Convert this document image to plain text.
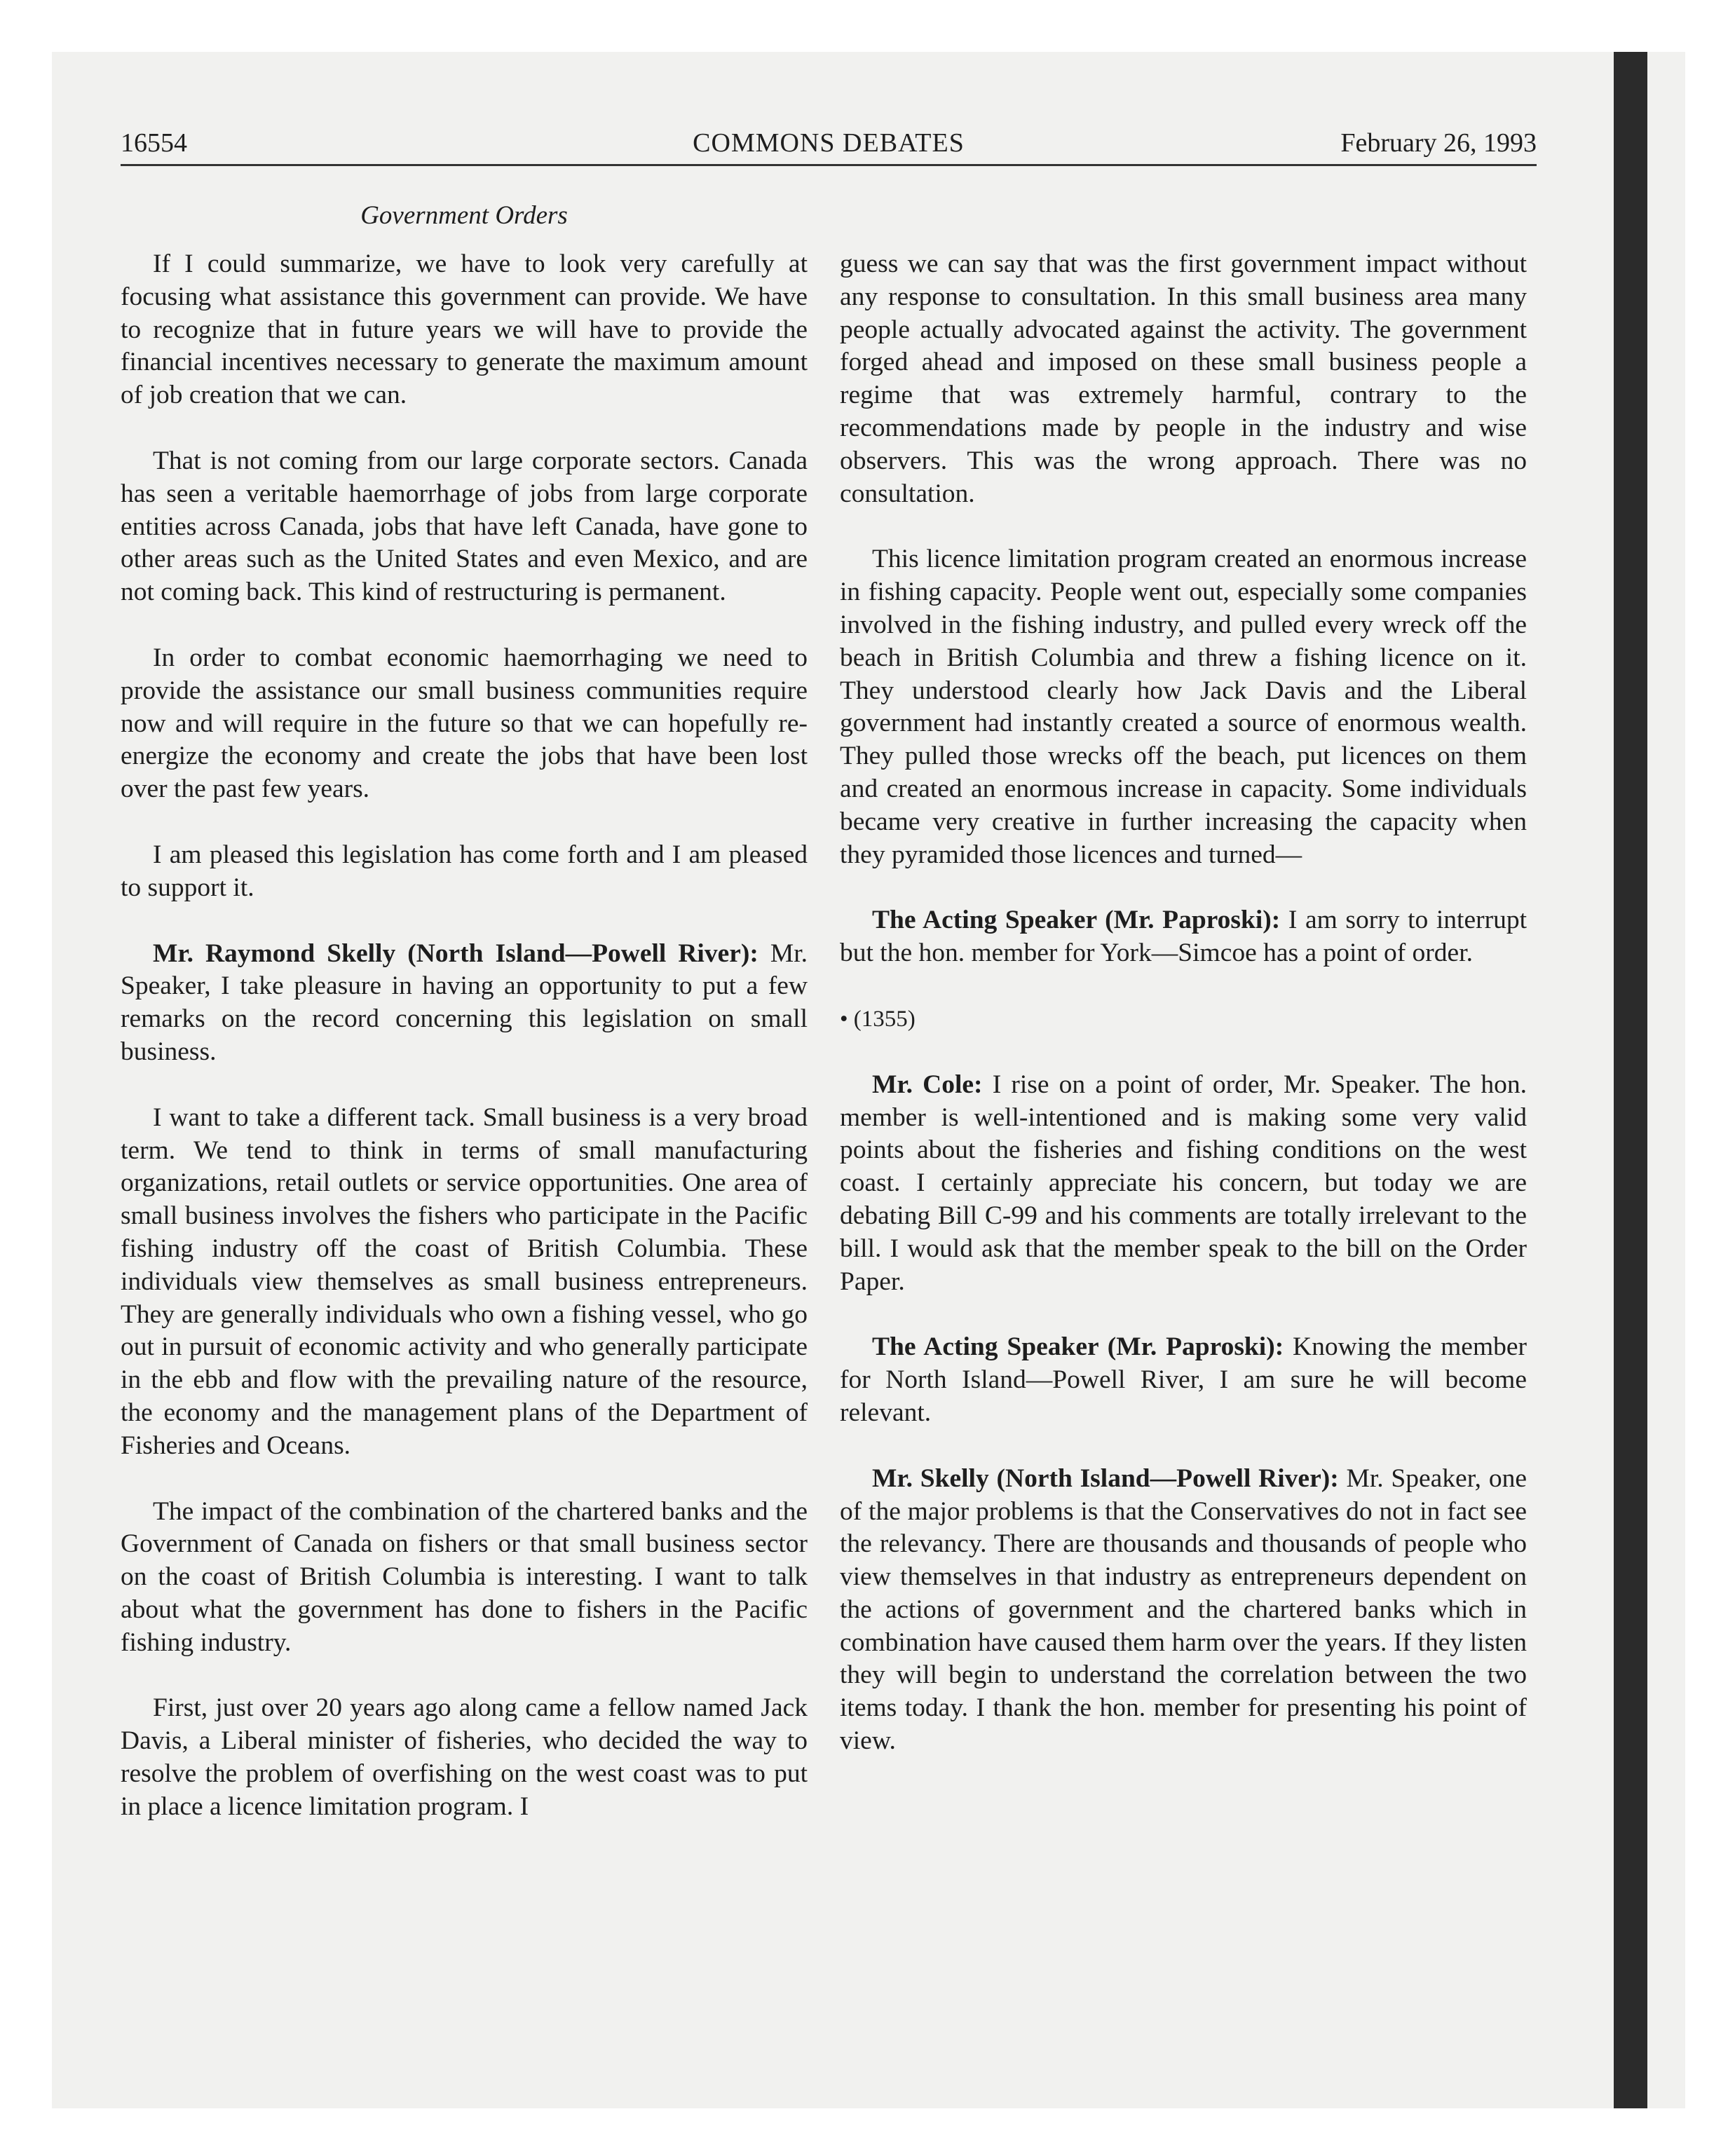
16554	COMMONS DEBATES	February 26, 1993
Government Orders

If I could summarize, we have to look very carefully at focusing what assistance this government can provide. We have to recognize that in future years we will have to provide the financial incentives necessary to generate the maximum amount of job creation that we can.

That is not coming from our large corporate sectors. Canada has seen a veritable haemorrhage of jobs from large corporate entities across Canada, jobs that have left Canada, have gone to other areas such as the United States and even Mexico, and are not coming back. This kind of restructuring is permanent.

In order to combat economic haemorrhaging we need to provide the assistance our small business communities require now and will require in the future so that we can hopefully re-energize the economy and create the jobs that have been lost over the past few years.

I am pleased this legislation has come forth and I am pleased to support it.

Mr. Raymond Skelly (North Island—Powell River): Mr. Speaker, I take pleasure in having an opportunity to put a few remarks on the record concerning this legislation on small business.

I want to take a different tack. Small business is a very broad term. We tend to think in terms of small manufacturing organizations, retail outlets or service opportunities. One area of small business involves the fishers who participate in the Pacific fishing industry off the coast of British Columbia. These individuals view themselves as small business entrepreneurs. They are generally individuals who own a fishing vessel, who go out in pursuit of economic activity and who generally participate in the ebb and flow with the prevailing nature of the resource, the economy and the management plans of the Department of Fisheries and Oceans.

The impact of the combination of the chartered banks and the Government of Canada on fishers or that small business sector on the coast of British Columbia is interesting. I want to talk about what the government has done to fishers in the Pacific fishing industry.

First, just over 20 years ago along came a fellow named Jack Davis, a Liberal minister of fisheries, who decided the way to resolve the problem of overfishing on the west coast was to put in place a licence limitation program. I

guess we can say that was the first government impact without any response to consultation. In this small business area many people actually advocated against the activity. The government forged ahead and imposed on these small business people a regime that was extremely harmful, contrary to the recommendations made by people in the industry and wise observers. This was the wrong approach. There was no consultation.

This licence limitation program created an enormous increase in fishing capacity. People went out, especially some companies involved in the fishing industry, and pulled every wreck off the beach in British Columbia and threw a fishing licence on it. They understood clearly how Jack Davis and the Liberal government had instantly created a source of enormous wealth. They pulled those wrecks off the beach, put licences on them and created an enormous increase in capacity. Some individuals became very creative in further increasing the capacity when they pyramided those licences and turned—

The Acting Speaker (Mr. Paproski): I am sorry to interrupt but the hon. member for York—Simcoe has a point of order.

• (1355)

Mr. Cole: I rise on a point of order, Mr. Speaker. The hon. member is well-intentioned and is making some very valid points about the fisheries and fishing conditions on the west coast. I certainly appreciate his concern, but today we are debating Bill C-99 and his comments are totally irrelevant to the bill. I would ask that the member speak to the bill on the Order Paper.

The Acting Speaker (Mr. Paproski): Knowing the member for North Island—Powell River, I am sure he will become relevant.

Mr. Skelly (North Island—Powell River): Mr. Speaker, one of the major problems is that the Conservatives do not in fact see the relevancy. There are thousands and thousands of people who view themselves in that industry as entrepreneurs dependent on the actions of government and the chartered banks which in combination have caused them harm over the years. If they listen they will begin to understand the correlation between the two items today. I thank the hon. member for presenting his point of view.
